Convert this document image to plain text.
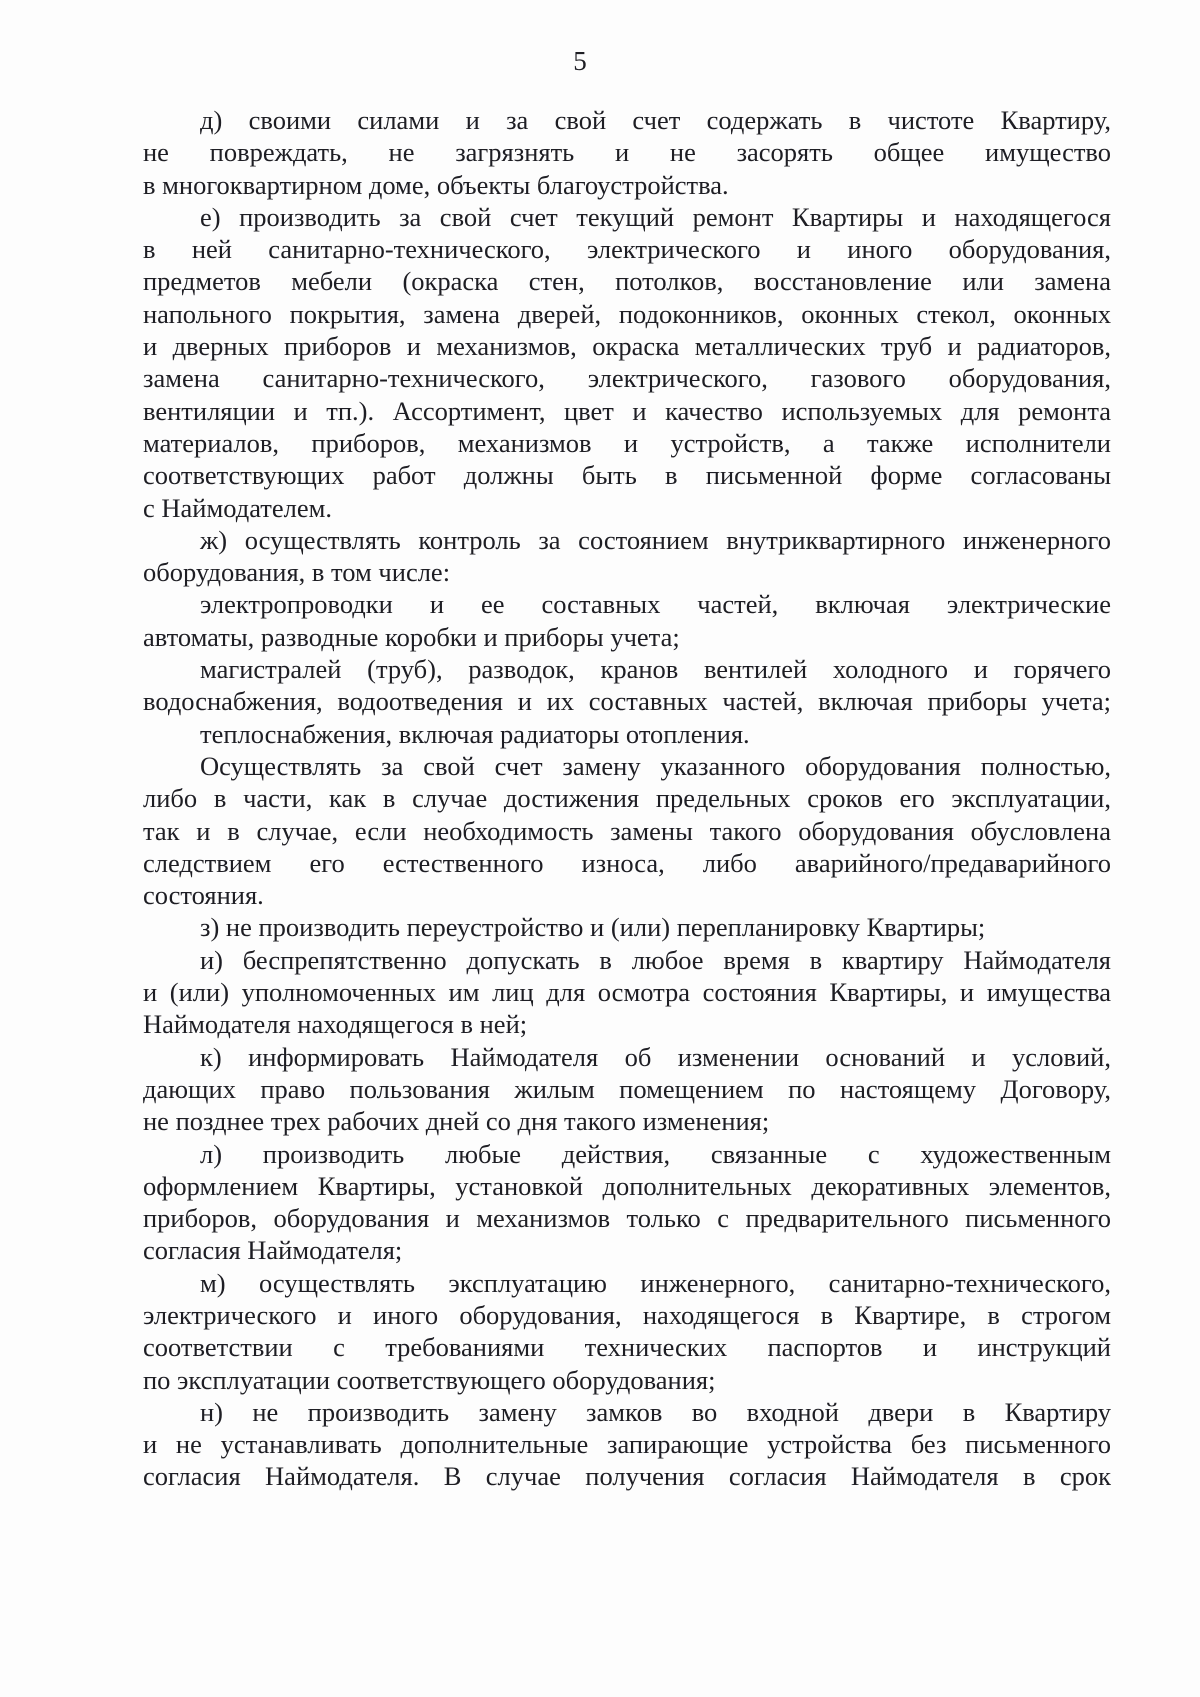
5
д) своими силами и за свой счет содержать в чистоте Квартиру,
не повреждать, не загрязнять и не засорять общее имущество
в многоквартирном доме, объекты благоустройства.
е) производить за свой счет текущий ремонт Квартиры и находящегося
в ней санитарно-технического, электрического и иного оборудования,
предметов мебели (окраска стен, потолков, восстановление или замена
напольного покрытия, замена дверей, подоконников, оконных стекол, оконных
и дверных приборов и механизмов, окраска металлических труб и радиаторов,
замена санитарно-технического, электрического, газового оборудования,
вентиляции и тп.). Ассортимент, цвет и качество используемых для ремонта
материалов, приборов, механизмов и устройств, а также исполнители
соответствующих работ должны быть в письменной форме согласованы
с Наймодателем.
ж) осуществлять контроль за состоянием внутриквартирного инженерного
оборудования, в том числе:
электропроводки и ее составных частей, включая электрические
автоматы, разводные коробки и приборы учета;
магистралей (труб), разводок, кранов вентилей холодного и горячего
водоснабжения, водоотведения и их составных частей, включая приборы учета;
теплоснабжения, включая радиаторы отопления.
Осуществлять за свой счет замену указанного оборудования полностью,
либо в части, как в случае достижения предельных сроков его эксплуатации,
так и в случае, если необходимость замены такого оборудования обусловлена
следствием его естественного износа, либо аварийного/предаварийного
состояния.
з) не производить переустройство и (или) перепланировку Квартиры;
и) беспрепятственно допускать в любое время в квартиру Наймодателя
и (или) уполномоченных им лиц для осмотра состояния Квартиры, и имущества
Наймодателя находящегося в ней;
к) информировать Наймодателя об изменении оснований и условий,
дающих право пользования жилым помещением по настоящему Договору,
не позднее трех рабочих дней со дня такого изменения;
л) производить любые действия, связанные с художественным
оформлением Квартиры, установкой дополнительных декоративных элементов,
приборов, оборудования и механизмов только с предварительного письменного
согласия Наймодателя;
м) осуществлять эксплуатацию инженерного, санитарно-технического,
электрического и иного оборудования, находящегося в Квартире, в строгом
соответствии с требованиями технических паспортов и инструкций
по эксплуатации соответствующего оборудования;
н) не производить замену замков во входной двери в Квартиру
и не устанавливать дополнительные запирающие устройства без письменного
согласия Наймодателя. В случае получения согласия Наймодателя в срок
